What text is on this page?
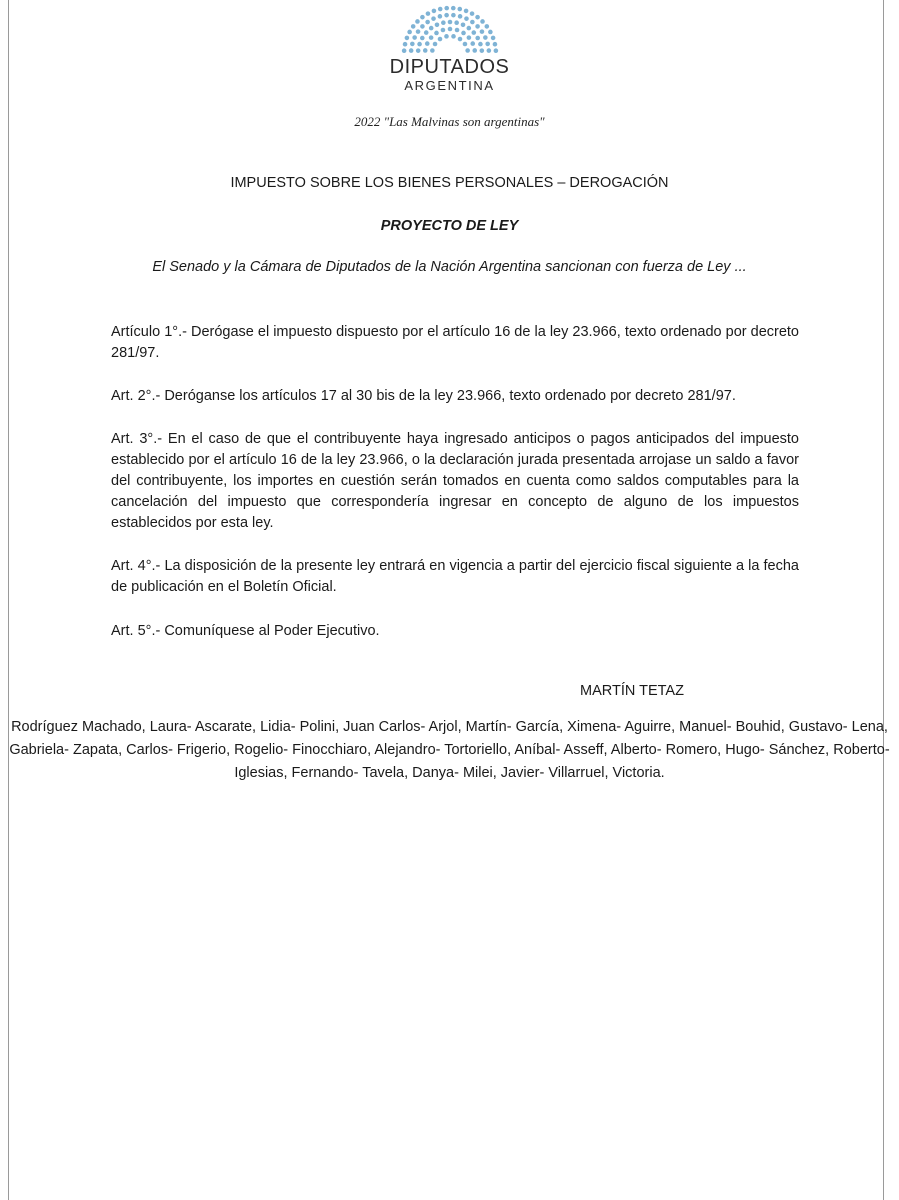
DIPUTADOS
ARGENTINA
2022 "Las Malvinas son argentinas"
IMPUESTO SOBRE LOS BIENES PERSONALES – DEROGACIÓN
PROYECTO DE LEY
El Senado y la Cámara de Diputados de la Nación Argentina sancionan con fuerza de Ley ...
Artículo 1°.- Derógase el impuesto dispuesto por el artículo 16 de la ley 23.966, texto ordenado por decreto 281/97.
Art. 2°.- Deróganse los artículos 17 al 30 bis de la ley 23.966, texto ordenado por decreto 281/97.
Art. 3°.- En el caso de que el contribuyente haya ingresado anticipos o pagos anticipados del impuesto establecido por el artículo 16 de la ley 23.966, o la declaración jurada presentada arrojase un saldo a favor del contribuyente, los importes en cuestión serán tomados en cuenta como saldos computables para la cancelación del impuesto que correspondería ingresar en concepto de alguno de los impuestos establecidos por esta ley.
Art. 4°.- La disposición de la presente ley entrará en vigencia a partir del ejercicio fiscal siguiente a la fecha de publicación en el Boletín Oficial.
Art. 5°.- Comuníquese al Poder Ejecutivo.
MARTÍN TETAZ
Rodríguez Machado, Laura- Ascarate, Lidia- Polini, Juan Carlos- Arjol, Martín- García, Ximena- Aguirre, Manuel- Bouhid, Gustavo- Lena, Gabriela- Zapata, Carlos- Frigerio, Rogelio- Finocchiaro, Alejandro- Tortoriello, Aníbal- Asseff, Alberto- Romero, Hugo- Sánchez, Roberto- Iglesias, Fernando- Tavela, Danya- Milei, Javier- Villarruel, Victoria.
